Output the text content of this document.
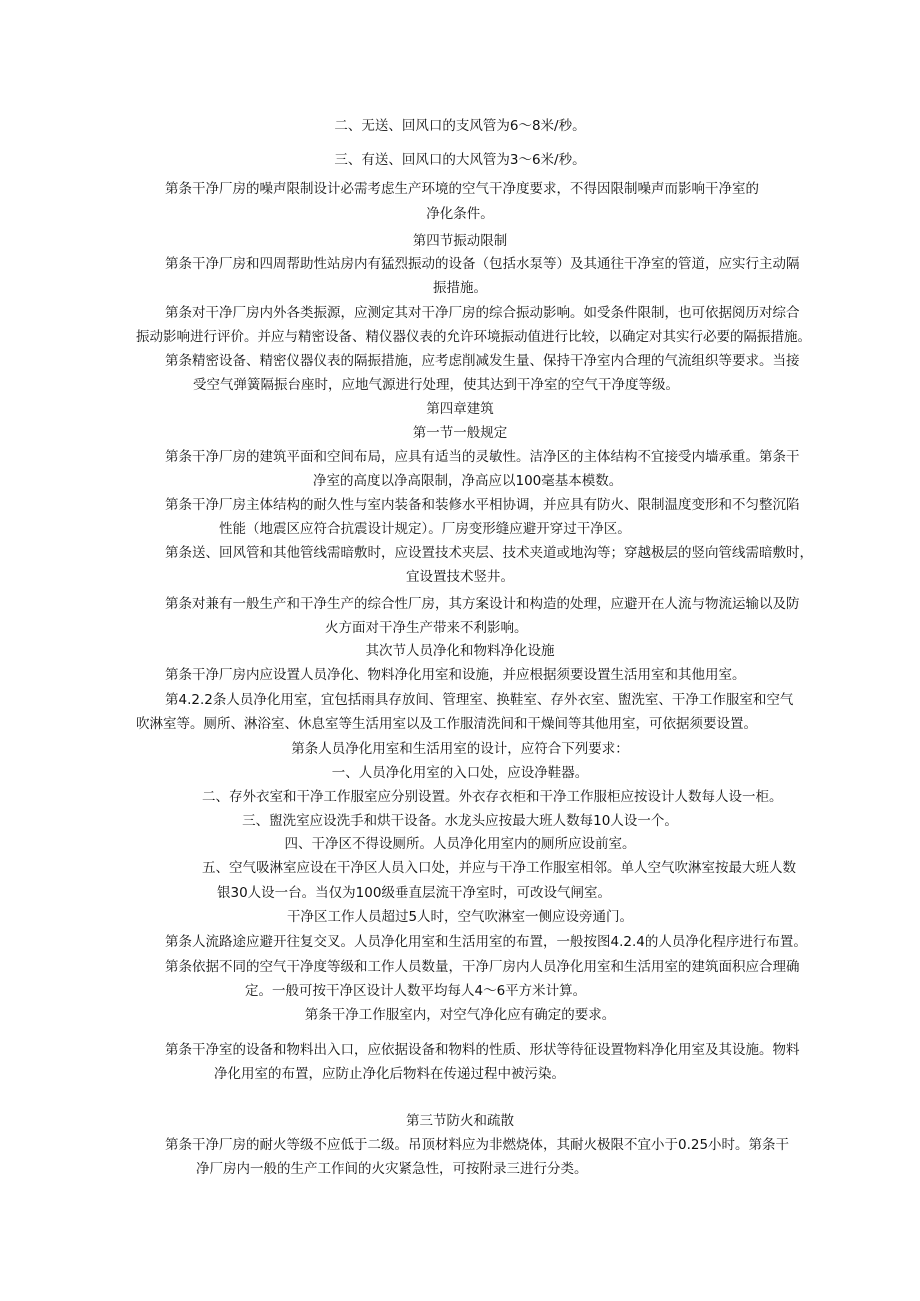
二、无送、回风口的支风管为6～8米/秒。
三、有送、回风口的大风管为3～6米/秒。
第条干净厂房的噪声限制设计必需考虑生产环境的空气干净度要求，不得因限制噪声而影响干净室的
净化条件。
第四节振动限制
第条干净厂房和四周帮助性站房内有猛烈振动的设备（包括水泵等）及其通往干净室的管道，应实行主动隔
振措施。
第条对干净厂房内外各类振源，应测定其对干净厂房的综合振动影响。如受条件限制，也可依据阅历对综合
振动影响进行评价。并应与精密设备、精仪器仪表的允许环境振动值进行比较，以确定对其实行必要的隔振措施。
第条精密设备、精密仪器仪表的隔振措施，应考虑削减发生量、保持干净室内合理的气流组织等要求。当接
受空气弹簧隔振台座时，应地气源进行处理，使其达到干净室的空气干净度等级。
第四章建筑
第一节一般规定
第条干净厂房的建筑平面和空间布局，应具有适当的灵敏性。洁净区的主体结构不宜接受内墙承重。第条干
净室的高度以净高限制，净高应以100毫基本模数。
第条干净厂房主体结构的耐久性与室内装备和装修水平相协调，并应具有防火、限制温度变形和不匀整沉陷
性能（地震区应符合抗震设计规定）。厂房变形缝应避开穿过干净区。
第条送、回风管和其他管线需暗敷时，应设置技术夹层、技术夹道或地沟等；穿越极层的竖向管线需暗敷时，
宜设置技术竖井。
第条对兼有一般生产和干净生产的综合性厂房，其方案设计和构造的处理，应避开在人流与物流运输以及防
火方面对干净生产带来不利影响。
其次节人员净化和物料净化设施
第条干净厂房内应设置人员净化、物料净化用室和设施，并应根据须要设置生活用室和其他用室。
第4.2.2条人员净化用室，宜包括雨具存放间、管理室、换鞋室、存外衣室、盥洗室、干净工作服室和空气
吹淋室等。厕所、淋浴室、休息室等生活用室以及工作服清洗间和干燥间等其他用室，可依据须要设置。
第条人员净化用室和生活用室的设计，应符合下列要求：
一、人员净化用室的入口处，应设净鞋器。
二、存外衣室和干净工作服室应分别设置。外衣存衣柜和干净工作服柜应按设计人数每人设一柜。
三、盥洗室应设洗手和烘干设备。水龙头应按最大班人数每10人设一个。
四、干净区不得设厕所。人员净化用室内的厕所应设前室。
五、空气吸淋室应设在干净区人员入口处，并应与干净工作服室相邻。单人空气吹淋室按最大班人数
银30人设一台。当仅为100级垂直层流干净室时，可改设气闸室。
干净区工作人员超过5人时，空气吹淋室一侧应设旁通门。
第条人流路途应避开往复交叉。人员净化用室和生活用室的布置，一般按图4.2.4的人员净化程序进行布置。
第条依据不同的空气干净度等级和工作人员数量，干净厂房内人员净化用室和生活用室的建筑面积应合理确
定。一般可按干净区设计人数平均每人4～6平方米计算。
第条干净工作服室内，对空气净化应有确定的要求。
第条干净室的设备和物料出入口，应依据设备和物料的性质、形状等待征设置物料净化用室及其设施。物料
净化用室的布置，应防止净化后物料在传递过程中被污染。
第三节防火和疏散
第条干净厂房的耐火等级不应低于二级。吊顶材料应为非燃烧体，其耐火极限不宜小于0.25小时。第条干
净厂房内一般的生产工作间的火灾紧急性，可按附录三进行分类。
